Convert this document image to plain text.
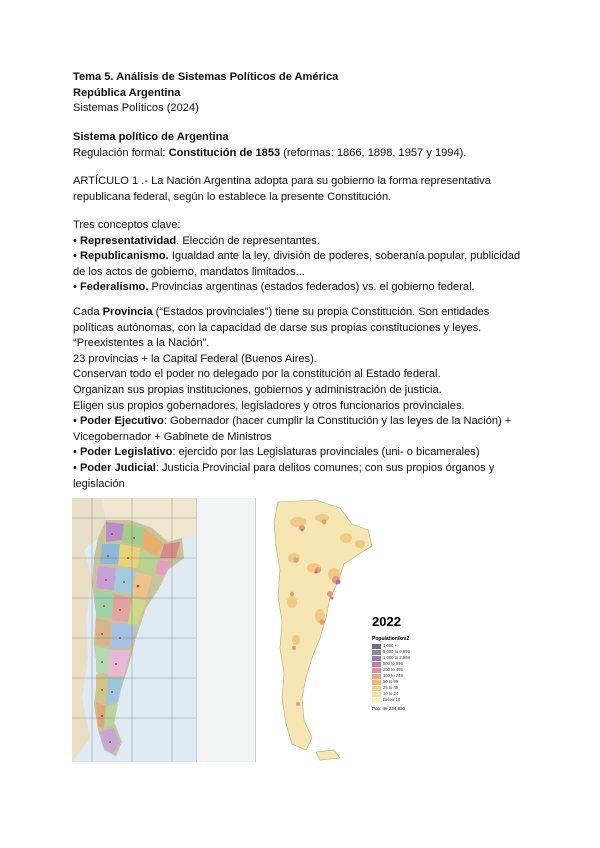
Tema 5. Análisis de Sistemas Políticos de América
República Argentina
Sistemas Políticos (2024)
Sistema político de Argentina
Regulación formal: Constitución de 1853 (reformas: 1866, 1898, 1957 y 1994).
ARTÍCULO 1 .- La Nación Argentina adopta para su gobierno la forma representativa
republicana federal, según lo establece la presente Constitución.
Tres conceptos clave:
• Representatividad. Elección de representantes.
• Republicanismo. Igualdad ante la ley, división de poderes, soberanía popular, publicidad
de los actos de gobierno, mandatos limitados...
• Federalismo. Provincias argentinas (estados federados) vs. el gobierno federal.
Cada Provincia (“Estados provinciales”) tiene su propia Constitución. Son entidades
políticas autónomas, con la capacidad de darse sus propias constituciones y leyes.
“Preexistentes a la Nación”.
23 provincias + la Capital Federal (Buenos Aires).
Conservan todo el poder no delegado por la constitución al Estado federal.
Organizan sus propias instituciones, gobiernos y administración de justicia.
Eligen sus propios gobernadores, legisladores y otros funcionarios provinciales.
• Poder Ejecutivo: Gobernador (hacer cumplir la Constitución y las leyes de la Nación) +
Vicegobernador + Gabinete de Ministros
• Poder Legislativo: ejercido por las Legislaturas provinciales (uni- o bicamerales)
• Poder Judicial: Justicia Provincial para delitos comunes; con sus propios órganos y
legislación
2022
Population/km2
1,000 +
5,000 to 9,999
1,000 to 2,999
500 to 999
250 to 499
100 to 249
50 to 99
25 to 49
10 to 24
Below 10
Pop: 46,234,830
